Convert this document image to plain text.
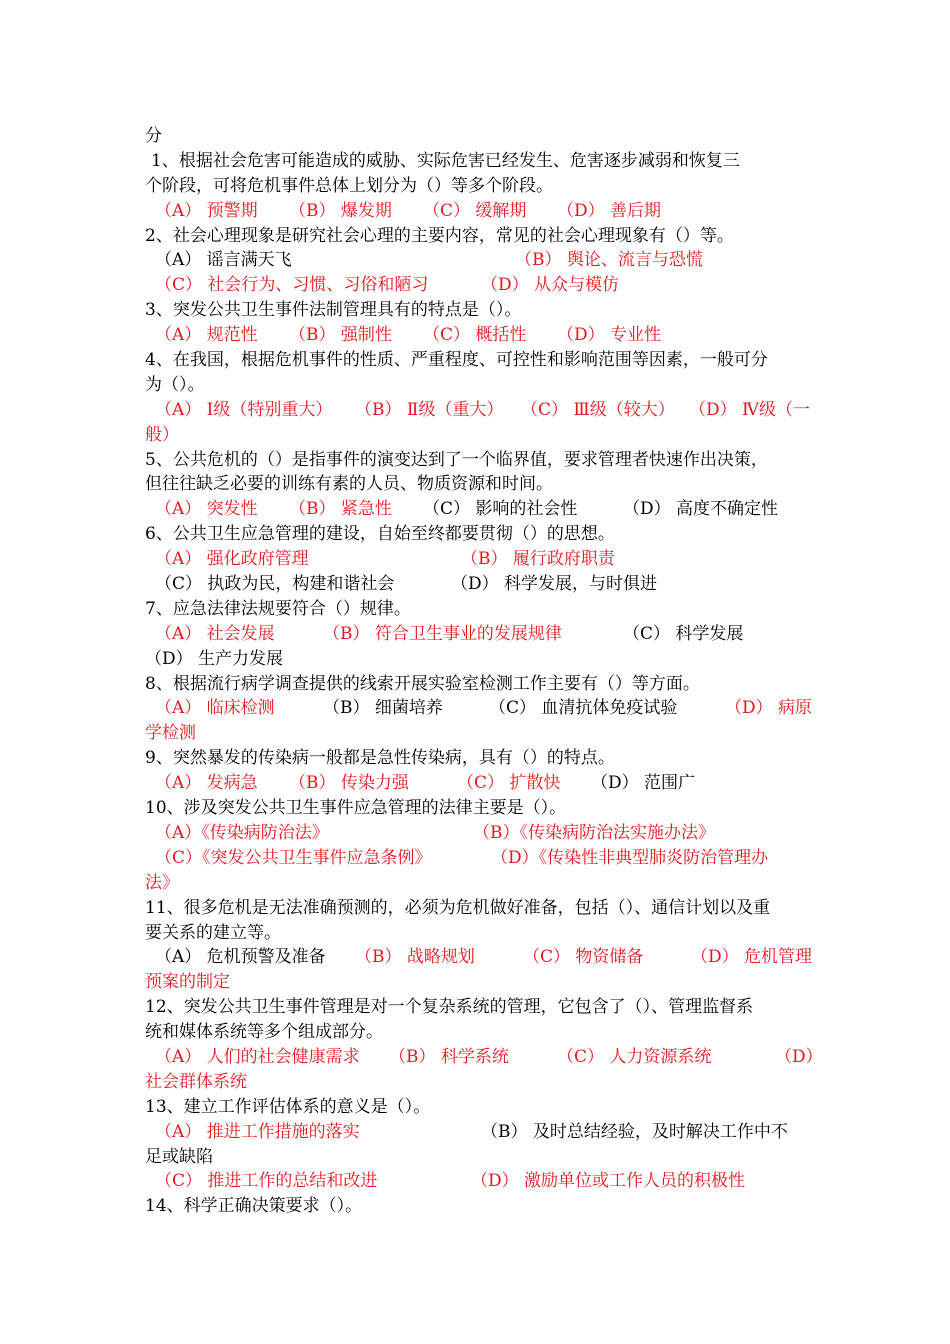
分
1、根据社会危害可能造成的威胁、实际危害已经发生、危害逐步减弱和恢复三
个阶段，可将危机事件总体上划分为（）等多个阶段。
（A） 预警期	（B） 爆发期	（C） 缓解期	（D） 善后期
2、社会心理现象是研究社会心理的主要内容，常见的社会心理现象有（）等。
（A） 谣言满天飞	（B） 舆论、流言与恐慌
（C） 社会行为、习惯、习俗和陋习	（D） 从众与模仿
3、突发公共卫生事件法制管理具有的特点是（）。
（A） 规范性	（B） 强制性	（C） 概括性	（D） 专业性
4、在我国，根据危机事件的性质、严重程度、可控性和影响范围等因素，一般可分
为（）。
（A） Ⅰ级（特别重大）	（B） Ⅱ级（重大）	（C） Ⅲ级（较大） （D） Ⅳ级（一
般）
5、公共危机的（）是指事件的演变达到了一个临界值，要求管理者快速作出决策，
但往往缺乏必要的训练有素的人员、物质资源和时间。
（A） 突发性	（B） 紧急性	（C） 影响的社会性	（D） 高度不确定性
6、公共卫生应急管理的建设，自始至终都要贯彻（）的思想。
（A） 强化政府管理	（B） 履行政府职责
（C） 执政为民，构建和谐社会	（D） 科学发展，与时俱进
7、应急法律法规要符合（）规律。
（A） 社会发展	（B） 符合卫生事业的发展规律	（C） 科学发展
（D） 生产力发展
8、根据流行病学调查提供的线索开展实验室检测工作主要有（）等方面。
（A） 临床检测	（B） 细菌培养	（C） 血清抗体免疫试验	（D） 病原
学检测
9、突然暴发的传染病一般都是急性传染病，具有（）的特点。
（A） 发病急	（B） 传染力强	（C） 扩散快	（D） 范围广
10、涉及突发公共卫生事件应急管理的法律主要是（）。
（A）《传染病防治法》	（B）《传染病防治法实施办法》
（C）《突发公共卫生事件应急条例》	（D）《传染性非典型肺炎防治管理办
法》
11、很多危机是无法准确预测的，必须为危机做好准备，包括（）、通信计划以及重
要关系的建立等。
（A） 危机预警及准备	（B） 战略规划	（C） 物资储备	（D） 危机管理
预案的制定
12、突发公共卫生事件管理是对一个复杂系统的管理，它包含了（）、管理监督系
统和媒体系统等多个组成部分。
（A） 人们的社会健康需求	（B） 科学系统	（C） 人力资源系统	（D）
社会群体系统
13、建立工作评估体系的意义是（）。
（A） 推进工作措施的落实	（B） 及时总结经验，及时解决工作中不
足或缺陷
（C） 推进工作的总结和改进	（D） 激励单位或工作人员的积极性
14、科学正确决策要求（）。
